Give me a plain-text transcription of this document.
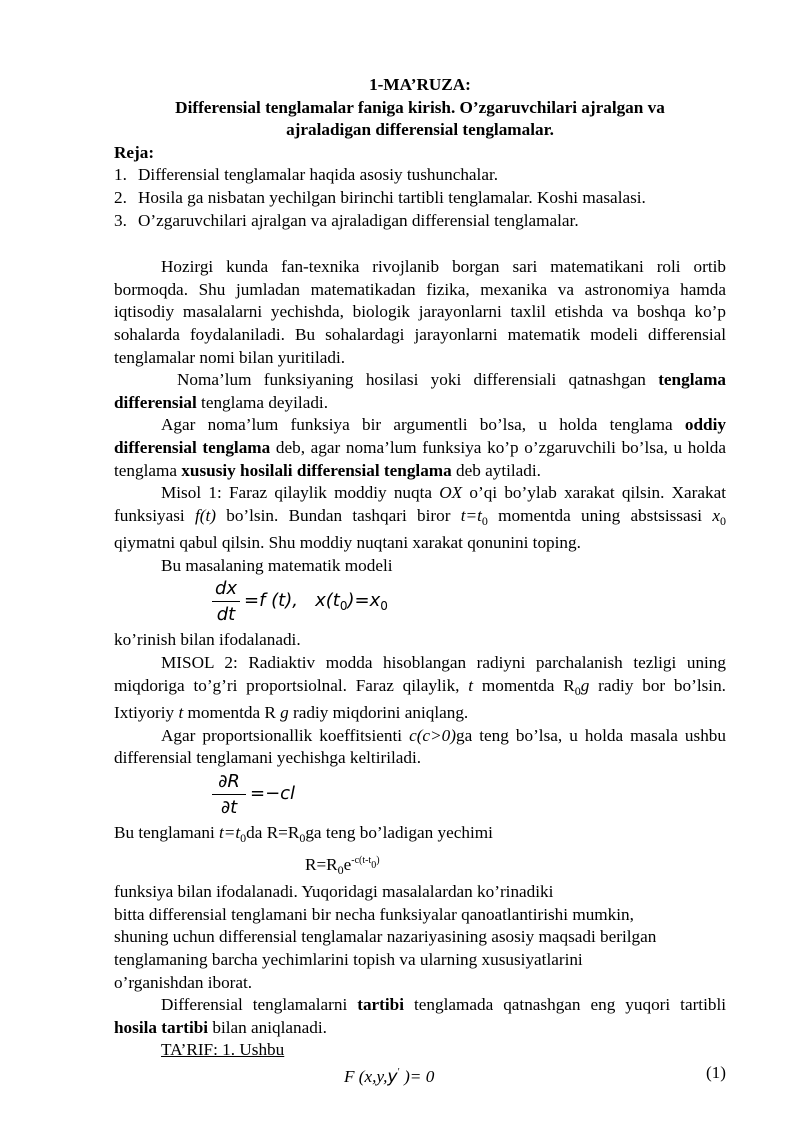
1-MA’RUZA:

Differensial tenglamalar faniga kirish. O’zgaruvchilari ajralgan va

ajraladigan differensial tenglamalar.

Reja:

1. Differensial tenglamalar haqida asosiy tushunchalar.
2. Hosila ga nisbatan yechilgan birinchi tartibli tenglamalar. Koshi masalasi.
3. O’zgaruvchilari ajralgan va ajraladigan differensial tenglamalar.

Hozirgi kunda fan-texnika rivojlanib borgan sari matematikani roli ortib bormoqda. Shu jumladan matematikadan fizika, mexanika va astronomiya hamda iqtisodiy masalalarni yechishda, biologik jarayonlarni taxlil etishda va boshqa ko’p sohalarda foydalaniladi. Bu sohalardagi jarayonlarni matematik modeli differensial tenglamalar nomi bilan yuritiladi.

Noma’lum funksiyaning hosilasi yoki differensiali qatnashgan tenglama differensial tenglama deyiladi.

Agar noma’lum funksiya bir argumentli bo’lsa, u holda tenglama oddiy differensial tenglama deb, agar noma’lum funksiya ko’p o’zgaruvchili bo’lsa, u holda tenglama xususiy hosilali differensial tenglama deb aytiladi.

Misol 1: Faraz qilaylik moddiy nuqta OX o’qi bo’ylab xarakat qilsin. Xarakat funksiyasi f(t) bo’lsin. Bundan tashqari biror $t=t_0$ momentda uning abstsissasi $x_0$ qiymatni qabul qilsin. Shu moddiy nuqtani xarakat qonunini toping.

Bu masalaning matematik modeli

$\frac{dx}{dt} =f$ (t),   $x(t_0)=x_0$

ko’rinish bilan ifodalanadi.

MISOL 2: Radiaktiv modda hisoblangan radiyni parchalanish tezligi uning miqdoriga to’g’ri proportsiolnal. Faraz qilaylik, t momentda $R_0g$ radiy bor bo’lsin. Ixtiyoriy t momentda R g radiy miqdorini aniqlang.

Agar proportsionallik koeffitsienti c(c>0)ga teng bo’lsa, u holda masala ushbu differensial tenglamani yechishga keltiriladi.

$\frac{\partial R}{\partial t} =-cl$

Bu tenglamani $t=t_0da$ $R=R_0ga$ teng bo’ladigan yechimi

$R=R_0e^{-c(t-t0)}$

funksiya bilan ifodalanadi. Yuqoridagi masalalardan ko’rinadiki

bitta differensial tenglamani bir necha funksiyalar qanoatlantirishi mumkin,

shuning uchun differensial tenglamalar nazariyasining asosiy maqsadi berilgan

tenglamaning barcha yechimlarini topish va ularning xususiyatlarini

o’rganishdan iborat.

Differensial tenglamalarni tartibi tenglamada qatnashgan eng yuqori tartibli hosila tartibi bilan aniqlanadi.

TA’RIF: 1. Ushbu

F (x,y,y′ )= 0	(1)
